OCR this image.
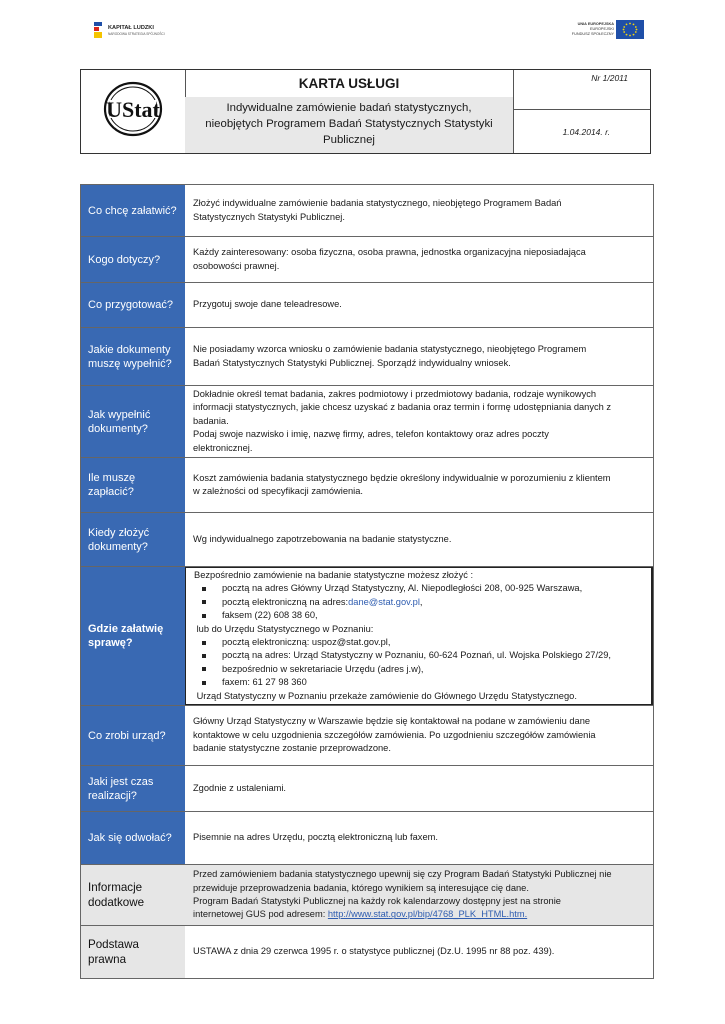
KAPITAŁ LUDZKI
NARODOWA STRATEGIA SPÓJNOŚCI
UNIA EUROPEJSKA
EUROPEJSKI
FUNDUSZ SPOŁECZNY
UStat
KARTA USŁUGI
Indywidualne zamówienie badań statystycznych,
nieobjętych Programem Badań Statystycznych Statystyki
Publicznej
Nr 1/2011
1.04.2014. r.
Co chcę załatwić?
Złożyć indywidualne zamówienie badania statystycznego, nieobjętego Programem Badań
Statystycznych Statystyki Publicznej.
Kogo dotyczy?
Każdy zainteresowany: osoba fizyczna, osoba prawna, jednostka organizacyjna nieposiadająca
osobowości prawnej.
Co przygotować?	Przygotuj swoje dane teleadresowe.
Jakie dokumenty muszę wypełnić?
Nie posiadamy wzorca wniosku o zamówienie badania statystycznego, nieobjętego Programem
Badań Statystycznych Statystyki Publicznej. Sporządź indywidualny wniosek.
Jak wypełnić dokumenty?
Dokładnie określ temat badania, zakres podmiotowy i przedmiotowy badania, rodzaje wynikowych
informacji statystycznych, jakie chcesz uzyskać z badania oraz termin i formę udostępniania danych z
badania.
Podaj swoje nazwisko i imię, nazwę firmy, adres, telefon kontaktowy oraz adres poczty
elektronicznej.
Ile muszę zapłacić?
Koszt zamówienia badania statystycznego będzie określony indywidualnie w porozumieniu z klientem
w zależności od specyfikacji zamówienia.
Kiedy złożyć dokumenty?
Wg indywidualnego zapotrzebowania na badanie statystyczne.
Gdzie załatwię sprawę?
Bezpośrednio zamówienie na badanie statystyczne możesz złożyć :
pocztą na adres Główny Urząd Statystyczny, Al. Niepodległości 208, 00-925 Warszawa,
pocztą elektroniczną na adres: dane@stat.gov.pl ,
faksem (22) 608 38 60,
lub do Urzędu Statystycznego w Poznaniu:
pocztą elektroniczną: uspoz@stat.gov.pl,
pocztą na adres: Urząd Statystyczny w Poznaniu, 60-624 Poznań, ul. Wojska Polskiego 27/29,
bezpośrednio w sekretariacie Urzędu (adres j.w),
faxem: 61 27 98 360
Urząd Statystyczny w Poznaniu przekaże zamówienie do Głównego Urzędu Statystycznego.
Co zrobi urząd?
Główny Urząd Statystyczny w Warszawie będzie się kontaktował na podane w zamówieniu dane
kontaktowe w celu uzgodnienia szczegółów zamówienia. Po uzgodnieniu szczegółów zamówienia
badanie statystyczne zostanie przeprowadzone.
Jaki jest czas realizacji?
Zgodnie z ustaleniami.
Jak się odwołać?	Pisemnie na adres Urzędu, pocztą elektroniczną lub faxem.
Informacje dodatkowe
Przed zamówieniem badania statystycznego upewnij się czy Program Badań Statystyki Publicznej nie
przewiduje przeprowadzenia badania, którego wynikiem są interesujące cię dane.
Program Badań Statystyki Publicznej na każdy rok kalendarzowy dostępny jest na stronie
internetowej GUS pod adresem: http://www.stat.gov.pl/bip/4768_PLK_HTML.htm.
Podstawa prawna
USTAWA z dnia 29 czerwca 1995 r. o statystyce publicznej (Dz.U. 1995 nr 88 poz. 439).
